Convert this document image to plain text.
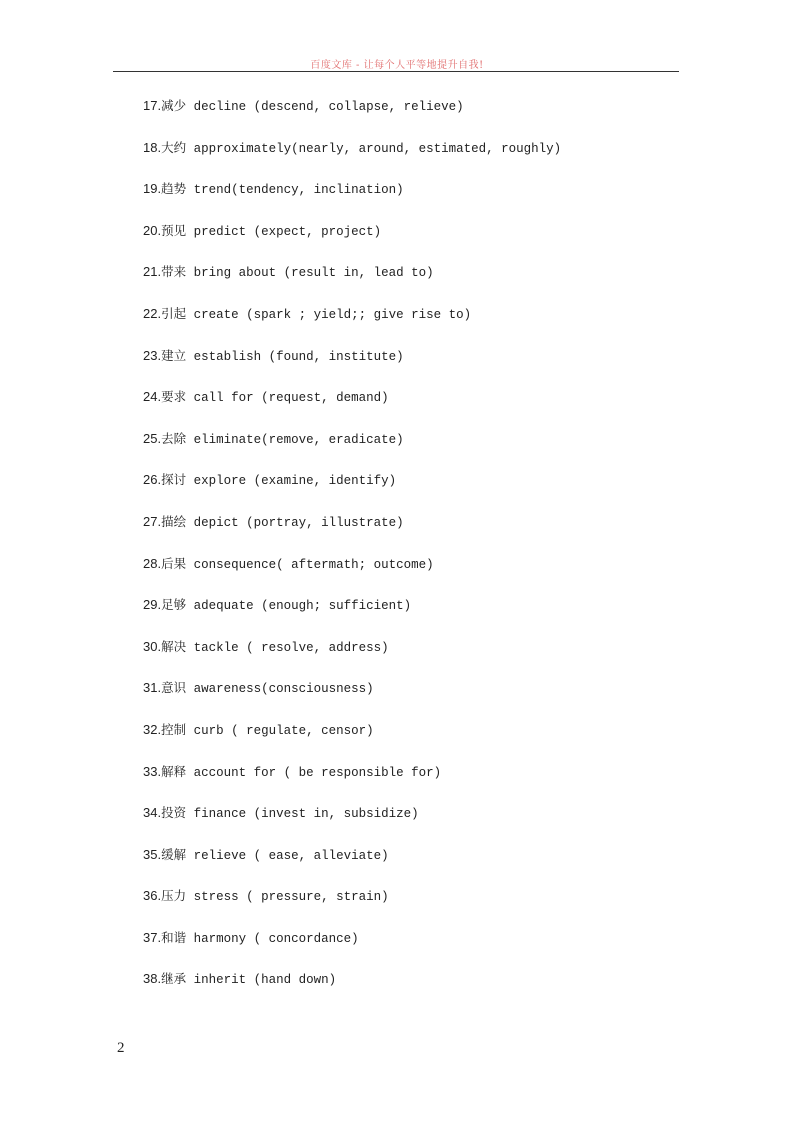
百度文库 - 让每个人平等地提升自我!
17.减少 decline (descend, collapse, relieve)
18.大约 approximately(nearly, around, estimated, roughly)
19.趋势 trend(tendency, inclination)
20.预见 predict (expect, project)
21.带来 bring about (result in, lead to)
22.引起 create (spark ; yield;; give rise to)
23.建立 establish (found, institute)
24.要求 call for (request, demand)
25.去除 eliminate(remove, eradicate)
26.探讨 explore (examine, identify)
27.描绘 depict (portray, illustrate)
28.后果 consequence( aftermath; outcome)
29.足够 adequate (enough; sufficient)
30.解决 tackle ( resolve, address)
31.意识 awareness(consciousness)
32.控制 curb ( regulate, censor)
33.解释 account for ( be responsible for)
34.投资 finance (invest in, subsidize)
35.缓解 relieve ( ease, alleviate)
36.压力 stress ( pressure, strain)
37.和谐 harmony ( concordance)
38.继承 inherit (hand down)
2
